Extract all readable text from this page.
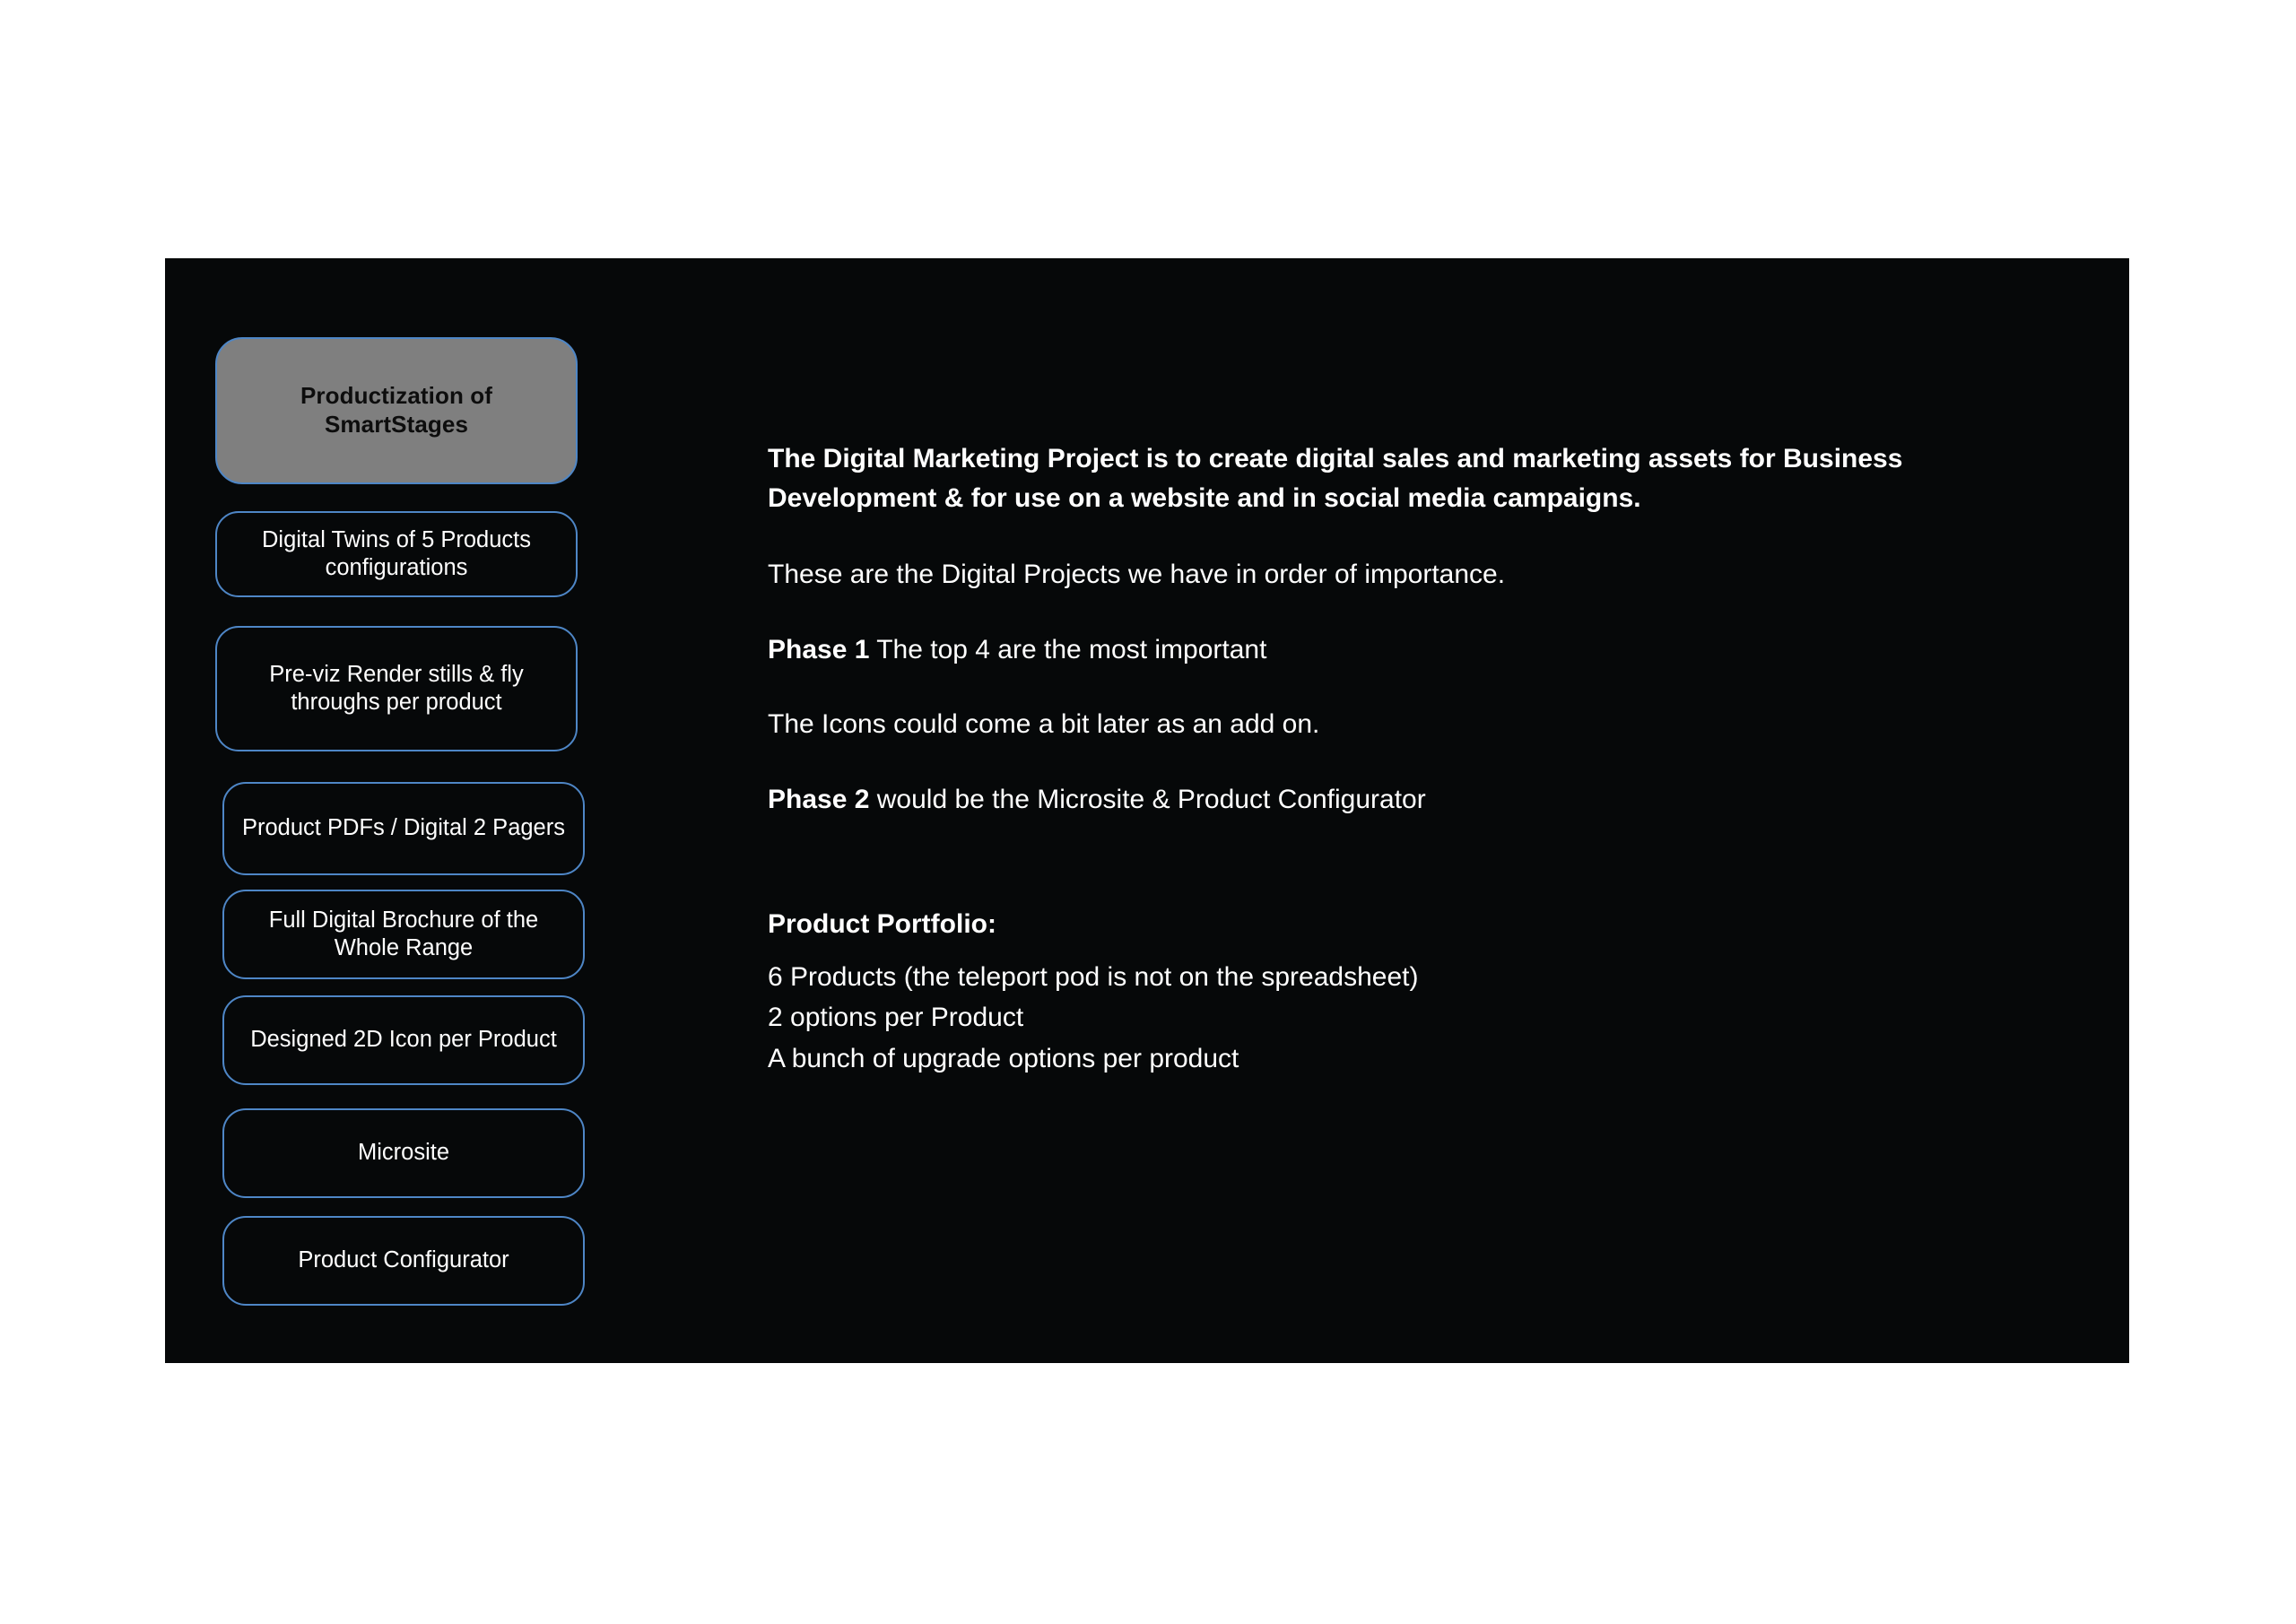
Productization of SmartStages
Digital Twins of 5 Products configurations
Pre-viz Render stills & fly throughs per product
Product PDFs / Digital 2 Pagers
Full Digital Brochure of the Whole Range
Designed 2D Icon per Product
Microsite
Product Configurator

The Digital Marketing Project is to create digital sales and marketing assets for Business Development & for use on a website and in social media campaigns.

These are the Digital Projects we have in order of importance.

Phase 1 The top 4 are the most important

The Icons could come a bit later as an add on.

Phase 2 would be the Microsite & Product Configurator

Product Portfolio:

6 Products (the teleport pod is not on the spreadsheet)

2 options per Product

A bunch of upgrade options per product
